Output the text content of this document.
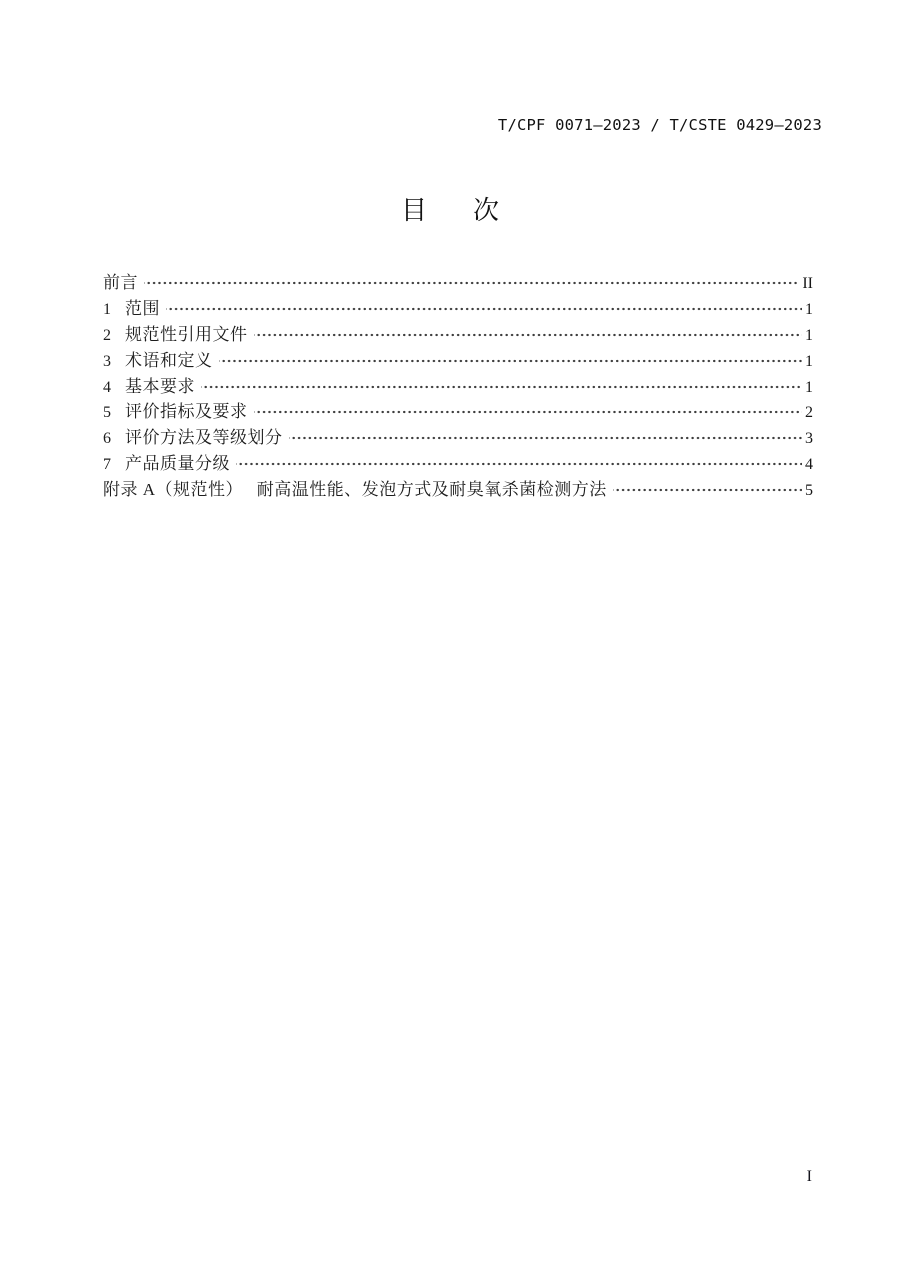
T/CPF 0071—2023 / T/CSTE 0429—2023
目 次
前言	II
1 范围	1
2 规范性引用文件	1
3 术语和定义	1
4 基本要求	1
5 评价指标及要求	2
6 评价方法及等级划分	3
7 产品质量分级	4
附录 A（规范性）　 耐高温性能、发泡方式及耐臭氧杀菌检测方法	5
I
